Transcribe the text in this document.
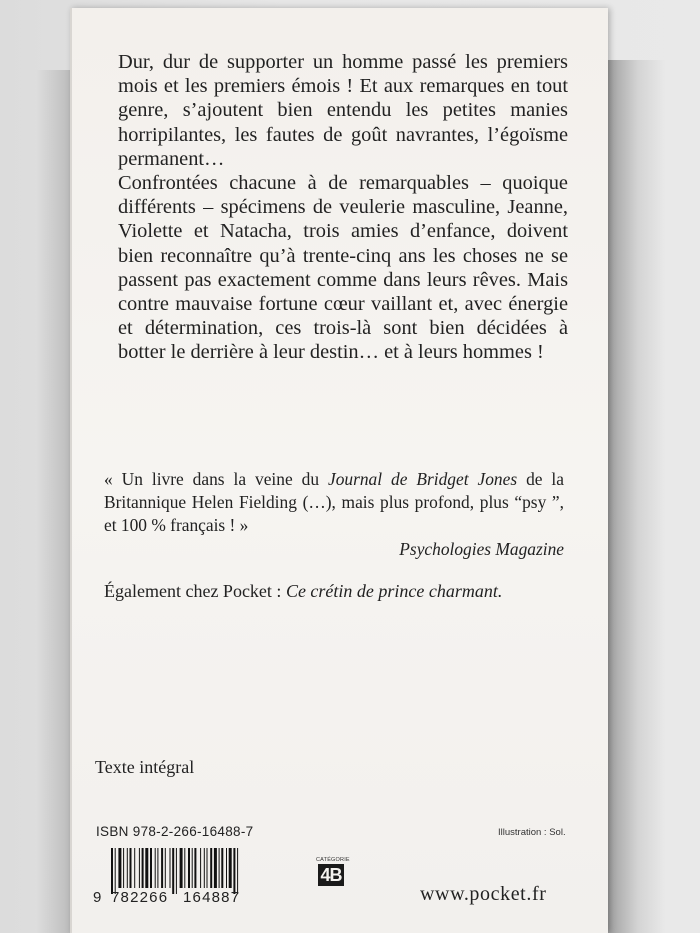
Dur, dur de supporter un homme passé les premiers mois et les premiers émois ! Et aux remarques en tout genre, s’ajoutent bien entendu les petites manies horripilantes, les fautes de goût navrantes, l’égoïsme permanent…

Confrontées chacune à de remarquables – quoique différents – spécimens de veulerie masculine, Jeanne, Violette et Natacha, trois amies d’enfance, doivent bien reconnaître qu’à trente-cinq ans les choses ne se passent pas exactement comme dans leurs rêves. Mais contre mauvaise fortune cœur vaillant et, avec énergie et détermination, ces trois-là sont bien décidées à botter le derrière à leur destin… et à leurs hommes !

« Un livre dans la veine du Journal de Bridget Jones de la Britannique Helen Fielding (…), mais plus profond, plus “psy ”, et 100 % français ! »

Psychologies Magazine
Également chez Pocket : Ce crétin de prince charmant.
Texte intégral
ISBN 978-2-266-16488-7	Illustration : Sol.
9 782266 164887
CATÉGORIE
4B
www.pocket.fr
